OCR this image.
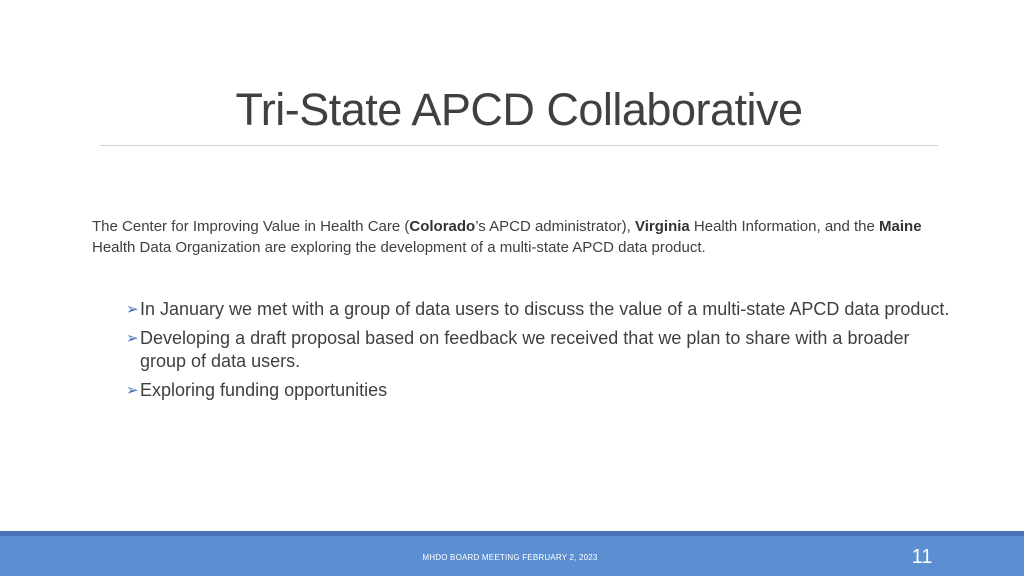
Tri-State APCD Collaborative
The Center for Improving Value in Health Care (Colorado’s APCD administrator), Virginia Health Information, and the Maine Health Data Organization are exploring the development of a multi-state APCD data product.
➢ In January we met with a group of data users to discuss the value of a multi-state APCD data product.
➢ Developing a draft proposal based on feedback we received that we plan to share with a broader group of data users.
➢ Exploring funding opportunities
MHDO BOARD MEETING FEBRUARY 2, 2023	11
